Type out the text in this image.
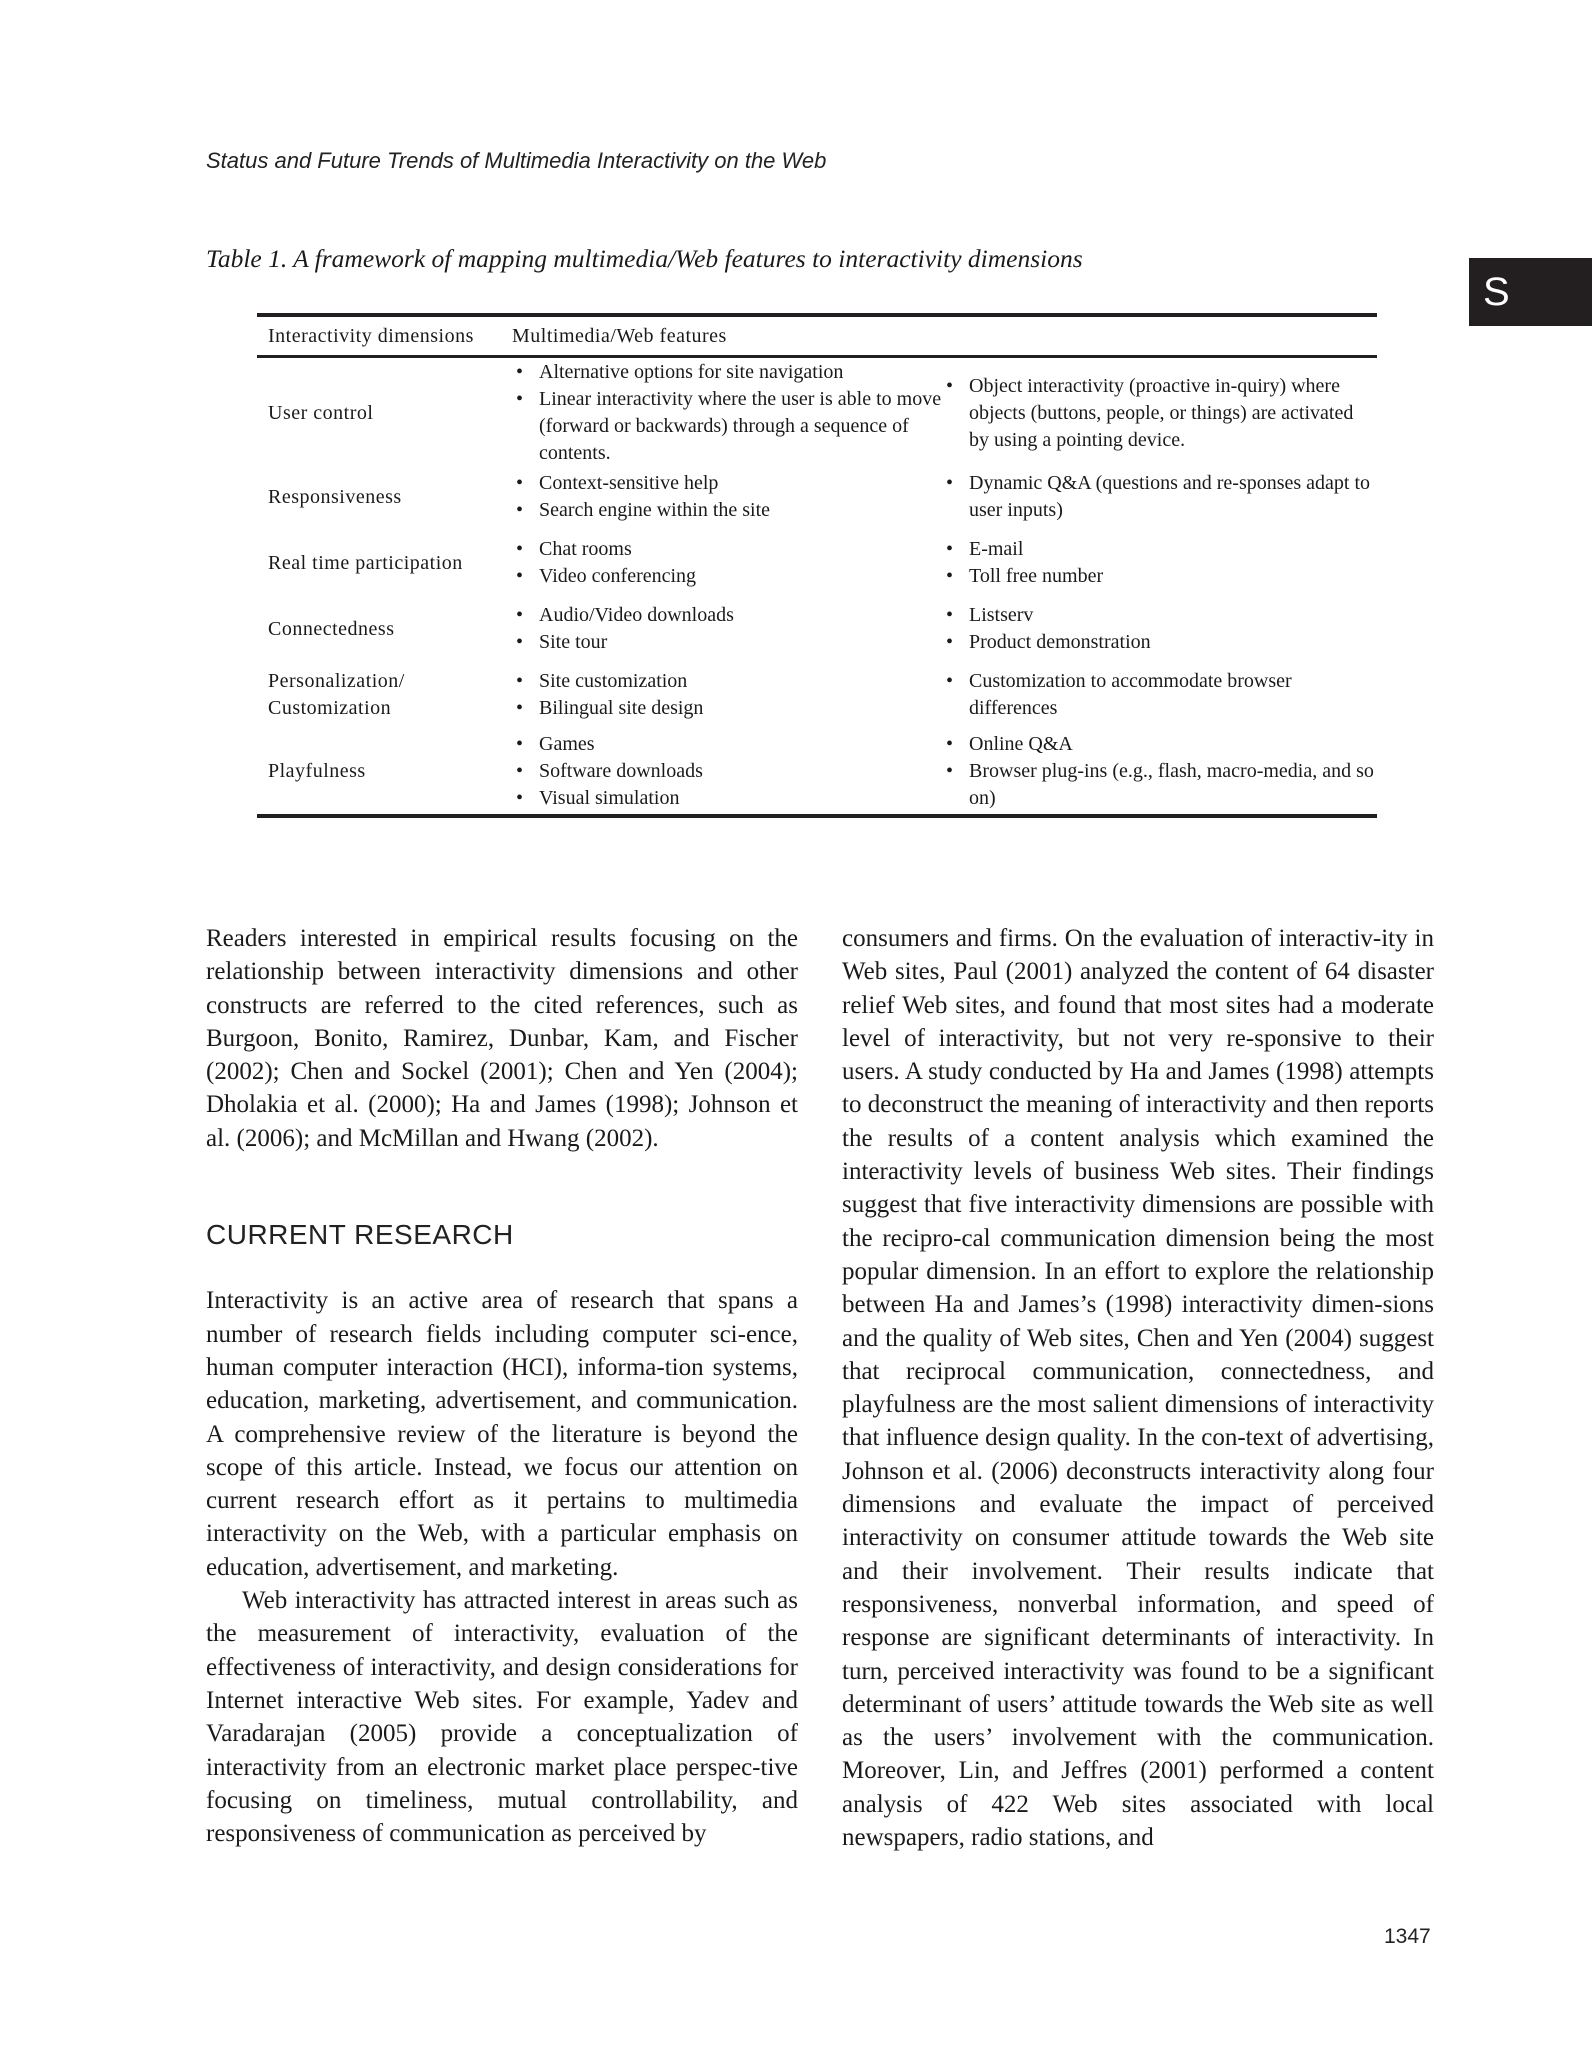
Status and Future Trends of Multimedia Interactivity on the Web
S
Table 1. A framework of mapping multimedia/Web features to interactivity dimensions
Interactivity dimensions	Multimedia/Web features
User control
• Alternative options for site navigation
• Linear interactivity where the user is able to move (forward or backwards) through a sequence of contents.
• Object interactivity (proactive in-quiry) where objects (buttons, people, or things) are activated by using a pointing device.
Responsiveness
• Context-sensitive help
• Search engine within the site
• Dynamic Q&A (questions and re-sponses adapt to user inputs)
Real time participation
• Chat rooms
• Video conferencing
• E-mail
• Toll free number
Connectedness
• Audio/Video downloads
• Site tour
• Listserv
• Product demonstration
Personalization/
Customization
• Site customization
• Bilingual site design
• Customization to accommodate browser differences
Playfulness
• Games
• Software downloads
• Visual simulation
• Online Q&A
• Browser plug-ins (e.g., flash, macro-media, and so on)

Readers interested in empirical results focusing on the relationship between interactivity dimensions and other constructs are referred to the cited references, such as Burgoon, Bonito, Ramirez, Dunbar, Kam, and Fischer (2002); Chen and Sockel (2001); Chen and Yen (2004); Dholakia et al. (2000); Ha and James (1998); Johnson et al. (2006); and McMillan and Hwang (2002).

CURRENT RESEARCH

Interactivity is an active area of research that spans a number of research fields including computer sci-ence, human computer interaction (HCI), informa-tion systems, education, marketing, advertisement, and communication. A comprehensive review of the literature is beyond the scope of this article. Instead, we focus our attention on current research effort as it pertains to multimedia interactivity on the Web, with a particular emphasis on education, advertisement, and marketing.

Web interactivity has attracted interest in areas such as the measurement of interactivity, evaluation of the effectiveness of interactivity, and design considerations for Internet interactive Web sites. For example, Yadev and Varadarajan (2005) provide a conceptualization of interactivity from an electronic market place perspec-tive focusing on timeliness, mutual controllability, and responsiveness of communication as perceived by

consumers and firms. On the evaluation of interactiv-ity in Web sites, Paul (2001) analyzed the content of 64 disaster relief Web sites, and found that most sites had a moderate level of interactivity, but not very re-sponsive to their users. A study conducted by Ha and James (1998) attempts to deconstruct the meaning of interactivity and then reports the results of a content analysis which examined the interactivity levels of business Web sites. Their findings suggest that five interactivity dimensions are possible with the recipro-cal communication dimension being the most popular dimension. In an effort to explore the relationship between Ha and James’s (1998) interactivity dimen-sions and the quality of Web sites, Chen and Yen (2004) suggest that reciprocal communication, connectedness, and playfulness are the most salient dimensions of interactivity that influence design quality. In the con-text of advertising, Johnson et al. (2006) deconstructs interactivity along four dimensions and evaluate the impact of perceived interactivity on consumer attitude towards the Web site and their involvement. Their results indicate that responsiveness, nonverbal information, and speed of response are significant determinants of interactivity. In turn, perceived interactivity was found to be a significant determinant of users’ attitude towards the Web site as well as the users’ involvement with the communication. Moreover, Lin, and Jeffres (2001) performed a content analysis of 422 Web sites associated with local newspapers, radio stations, and

1347
